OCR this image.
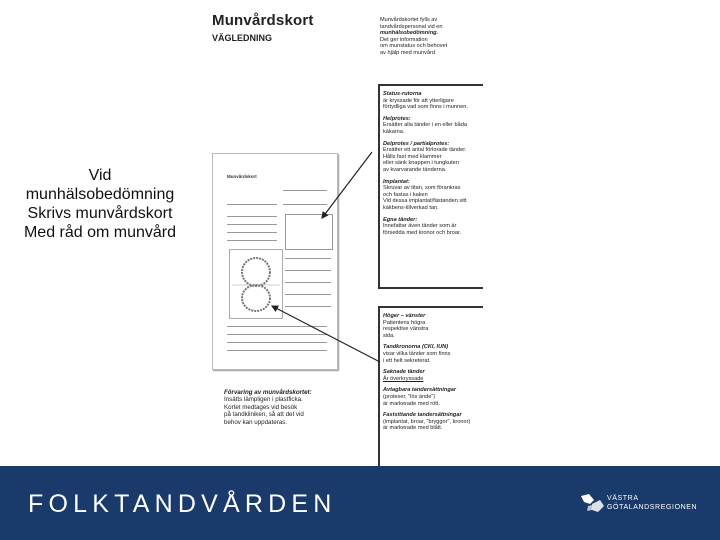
Vid
munhälsobedömning
Skrivs munvårdskort
Med råd om munvård
Munvårdskort
VÄGLEDNING
Munvårdskortet fylls av
tandvårdspersonal vid en
munhälsobedömning.
Det ger information
om munstatus och behovet
av hjälp med munvård
Status-rutorna
är kryssade för att ytterligare
förtydliga vad som finns i munnen.
Helprotes:
Ersätter alla tänder i en eller båda
käkarna.
Delprotes / partialprotes:
Ersätter ett antal förlorade tänder.
Hålls fast med klammer
eller sänk knappen i tungkuten
av kvarvarande tänderna.
Implantat:
Skruvar av titan, som förankras
och fastas i kaken
Vid dessa implantat/fästanden sitt
käkbens-tillverkad tan.
Egna tänder:
Innefattar även tänder som är
försedda med kronor och broar.
Höger – vänster
Patientens högra
respektive vänstra
sida.
Tandkronorna (CKI, lUN)
visar vilka tänder som finns
i ett helt sekreterat.
Saknade tänder
Är överkryssade
Avtagbara tandersättningar
(proteser, "lös ände")
är markerade med rött.
Fastsittande tandersättningar
(implantat, broar, "bryggor", kronor)
är markerade med blått.
Munvårdskort
Förvaring av munvårdskortet:
Insätts lämpligen i plastficka.
Kortet medtages vid besök
på tandkliniken, så att det vid
behov kan uppdateras.
FOLKTANDVÅRDEN	VÄSTRA
GÖTALANDSREGIONEN
